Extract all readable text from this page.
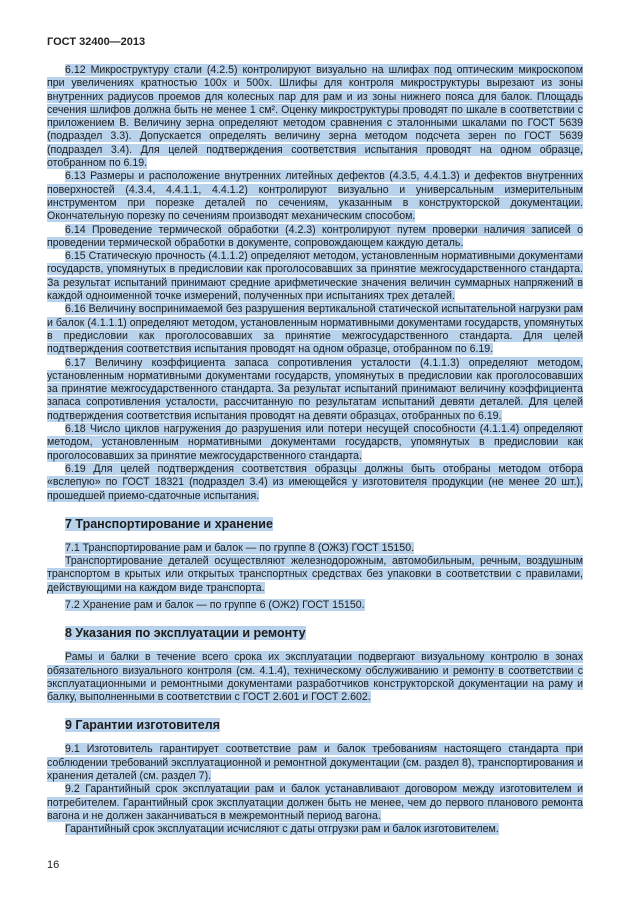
ГОСТ 32400—2013

6.12 Микроструктуру стали (4.2.5) контролируют визуально на шлифах под оптическим микроскопом при увеличениях кратностью 100х и 500х. Шлифы для контроля микроструктуры вырезают из зоны внутренних радиусов проемов для колесных пар для рам и из зоны нижнего пояса для балок. Площадь сечения шлифов должна быть не менее 1 см². Оценку микроструктуры проводят по шкале в соответствии с приложением В. Величину зерна определяют методом сравнения с эталонными шкалами по ГОСТ 5639 (подраздел 3.3). Допускается определять величину зерна методом подсчета зерен по ГОСТ 5639 (подраздел 3.4). Для целей подтверждения соответствия испытания проводят на одном образце, отобранном по 6.19.

6.13 Размеры и расположение внутренних литейных дефектов (4.3.5, 4.4.1.3) и дефектов внутренних поверхностей (4.3.4, 4.4.1.1, 4.4.1.2) контролируют визуально и универсальным измерительным инструментом при порезке деталей по сечениям, указанным в конструкторской документации. Окончательную порезку по сечениям производят механическим способом.

6.14 Проведение термической обработки (4.2.3) контролируют путем проверки наличия записей о проведении термической обработки в документе, сопровождающем каждую деталь.

6.15 Статическую прочность (4.1.1.2) определяют методом, установленным нормативными документами государств, упомянутых в предисловии как проголосовавших за принятие межгосударственного стандарта. За результат испытаний принимают средние арифметические значения величин суммарных напряжений в каждой одноименной точке измерений, полученных при испытаниях трех деталей.

6.16 Величину воспринимаемой без разрушения вертикальной статической испытательной нагрузки рам и балок (4.1.1.1) определяют методом, установленным нормативными документами государств, упомянутых в предисловии как проголосовавших за принятие межгосударственного стандарта. Для целей подтверждения соответствия испытания проводят на одном образце, отобранном по 6.19.

6.17 Величину коэффициента запаса сопротивления усталости (4.1.1.3) определяют методом, установленным нормативными документами государств, упомянутых в предисловии как проголосовавших за принятие межгосударственного стандарта. За результат испытаний принимают величину коэффициента запаса сопротивления усталости, рассчитанную по результатам испытаний девяти деталей. Для целей подтверждения соответствия испытания проводят на девяти образцах, отобранных по 6.19.

6.18 Число циклов нагружения до разрушения или потери несущей способности (4.1.1.4) определяют методом, установленным нормативными документами государств, упомянутых в предисловии как проголосовавших за принятие межгосударственного стандарта.

6.19 Для целей подтверждения соответствия образцы должны быть отобраны методом отбора «вслепую» по ГОСТ 18321 (подраздел 3.4) из имеющейся у изготовителя продукции (не менее 20 шт.), прошедшей приемо-сдаточные испытания.

7 Транспортирование и хранение

7.1 Транспортирование рам и балок — по группе 8 (ОЖ3) ГОСТ 15150.

Транспортирование деталей осуществляют железнодорожным, автомобильным, речным, воздушным транспортом в крытых или открытых транспортных средствах без упаковки в соответствии с правилами, действующими на каждом виде транспорта.

7.2 Хранение рам и балок — по группе 6 (ОЖ2) ГОСТ 15150.

8 Указания по эксплуатации и ремонту

Рамы и балки в течение всего срока их эксплуатации подвергают визуальному контролю в зонах обязательного визуального контроля (см. 4.1.4), техническому обслуживанию и ремонту в соответствии с эксплуатационными и ремонтными документами разработчиков конструкторской документации на раму и балку, выполненными в соответствии с ГОСТ 2.601 и ГОСТ 2.602.

9 Гарантии изготовителя

9.1 Изготовитель гарантирует соответствие рам и балок требованиям настоящего стандарта при соблюдении требований эксплуатационной и ремонтной документации (см. раздел 8), транспортирования и хранения деталей (см. раздел 7).

9.2 Гарантийный срок эксплуатации рам и балок устанавливают договором между изготовителем и потребителем. Гарантийный срок эксплуатации должен быть не менее, чем до первого планового ремонта вагона и не должен заканчиваться в межремонтный период вагона.

Гарантийный срок эксплуатации исчисляют с даты отгрузки рам и балок изготовителем.

16
